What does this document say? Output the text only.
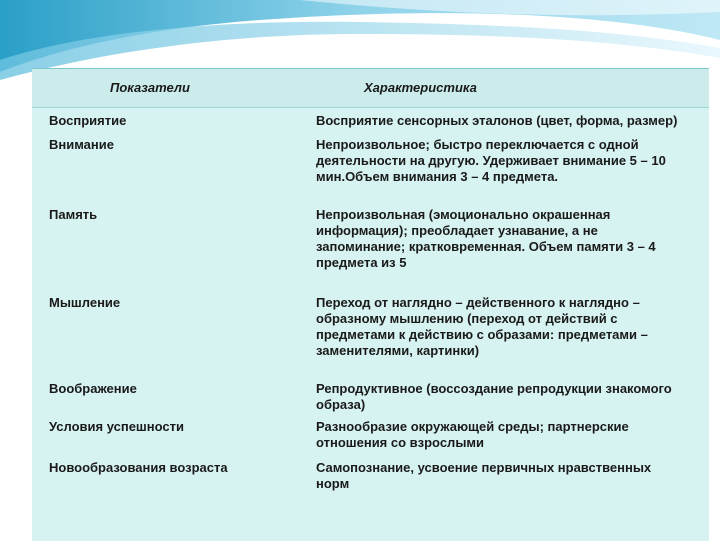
Показатели	Характеристика
Восприятие	Восприятие сенсорных эталонов (цвет, форма, размер)
Внимание	Непроизвольное; быстро переключается с одной деятельности на другую. Удерживает внимание 5 – 10 мин.Объем внимания 3 – 4 предмета.
Память	Непроизвольная (эмоционально окрашенная информация); преобладает узнавание, а не запоминание; кратковременная. Объем памяти 3 – 4 предмета из 5
Мышление	Переход от наглядно – действенного к наглядно – образному мышлению (переход от действий с предметами к действию с образами: предметами – заменителями, картинки)
Воображение	Репродуктивное (воссоздание репродукции знакомого образа)
Условия успешности	Разнообразие окружающей среды; партнерские отношения со взрослыми
Новообразования возраста	Самопознание, усвоение первичных нравственных норм
